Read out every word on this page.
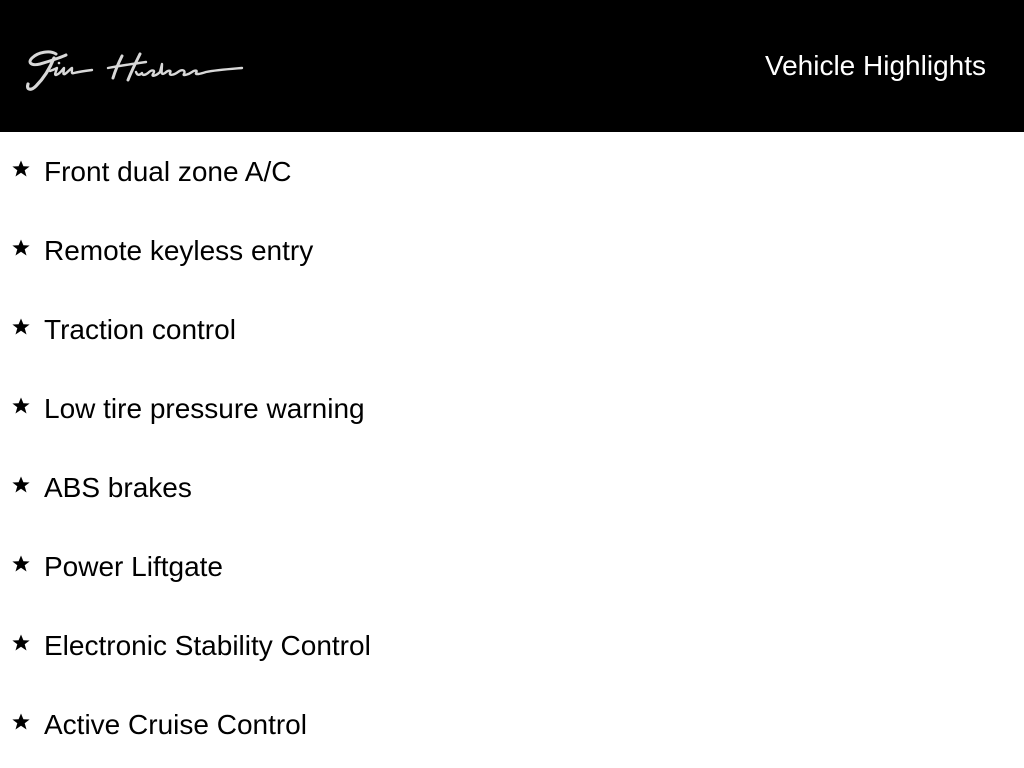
Vehicle Highlights
Front dual zone A/C
Remote keyless entry
Traction control
Low tire pressure warning
ABS brakes
Power Liftgate
Electronic Stability Control
Active Cruise Control
